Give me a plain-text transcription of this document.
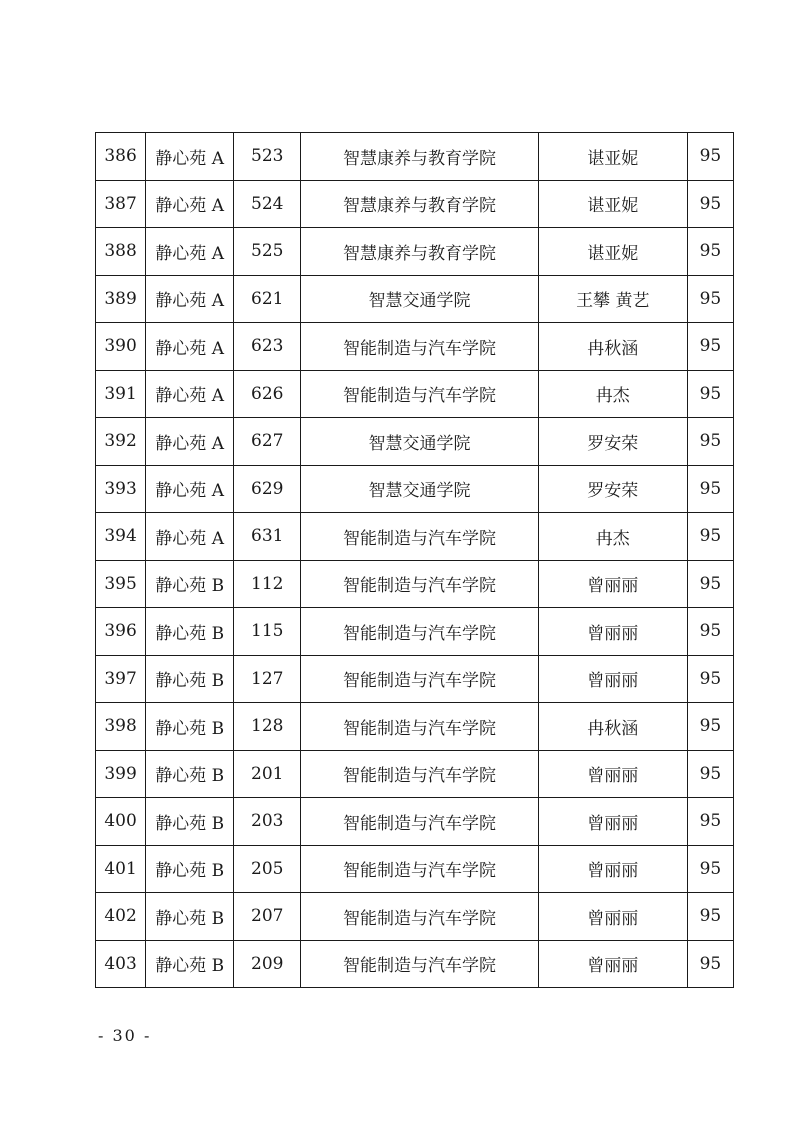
386	静心苑 A	523	智慧康养与教育学院	谌亚妮	95
387	静心苑 A	524	智慧康养与教育学院	谌亚妮	95
388	静心苑 A	525	智慧康养与教育学院	谌亚妮	95
389	静心苑 A	621	智慧交通学院	王攀 黄艺	95
390	静心苑 A	623	智能制造与汽车学院	冉秋涵	95
391	静心苑 A	626	智能制造与汽车学院	冉杰	95
392	静心苑 A	627	智慧交通学院	罗安荣	95
393	静心苑 A	629	智慧交通学院	罗安荣	95
394	静心苑 A	631	智能制造与汽车学院	冉杰	95
395	静心苑 B	112	智能制造与汽车学院	曾丽丽	95
396	静心苑 B	115	智能制造与汽车学院	曾丽丽	95
397	静心苑 B	127	智能制造与汽车学院	曾丽丽	95
398	静心苑 B	128	智能制造与汽车学院	冉秋涵	95
399	静心苑 B	201	智能制造与汽车学院	曾丽丽	95
400	静心苑 B	203	智能制造与汽车学院	曾丽丽	95
401	静心苑 B	205	智能制造与汽车学院	曾丽丽	95
402	静心苑 B	207	智能制造与汽车学院	曾丽丽	95
403	静心苑 B	209	智能制造与汽车学院	曾丽丽	95
- 30 -
